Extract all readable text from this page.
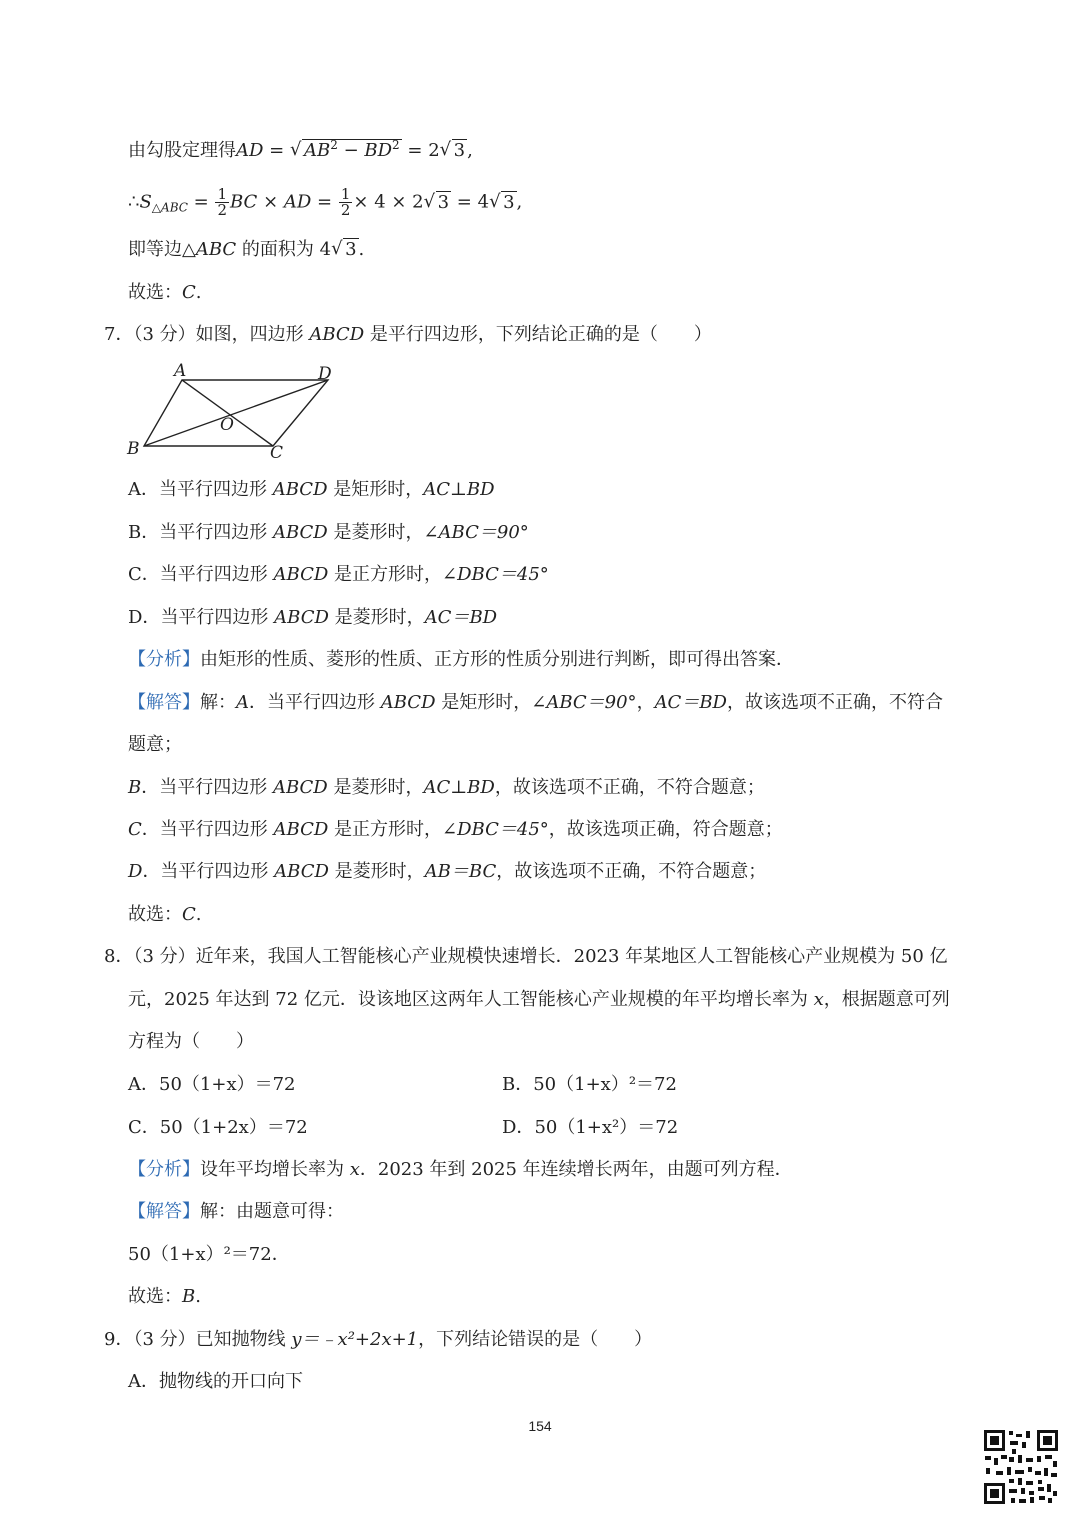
由勾股定理得AD = √ $AB^2 - BD^2 = 2√$ 3 ,
$\therefore S_{\triangle ABC} = \frac{1}{2}$ BC × AD = $\frac{1}{2} \times 4 \times 2√$ 3 = 4√ 3 ,
即等边△ABC 的面积为 4√ 3 .
故选：C.
7．（3 分）如图，四边形 ABCD 是平行四边形，下列结论正确的是（　　）
A	D
B	C
O
A．当平行四边形 ABCD 是矩形时，AC⊥BD
B．当平行四边形 ABCD 是菱形时，∠ABC＝90°
C．当平行四边形 ABCD 是正方形时，∠DBC＝45°
D．当平行四边形 ABCD 是菱形时，AC＝BD
【分析】由矩形的性质、菱形的性质、正方形的性质分别进行判断，即可得出答案．
【解答】解：A．当平行四边形 ABCD 是矩形时，∠ABC＝90°，AC＝BD，故该选项不正确，不符合
题意；
B．当平行四边形 ABCD 是菱形时，AC⊥BD，故该选项不正确，不符合题意；
C．当平行四边形 ABCD 是正方形时，∠DBC＝45°，故该选项正确，符合题意；
D．当平行四边形 ABCD 是菱形时，AB＝BC，故该选项不正确，不符合题意；
故选：C.
8．（3 分）近年来，我国人工智能核心产业规模快速增长．2023 年某地区人工智能核心产业规模为 50 亿
元，2025 年达到 72 亿元．设该地区这两年人工智能核心产业规模的年平均增长率为 x，根据题意可列
方程为（　　）
A．50（1+x）＝72	B．50（1+x）²＝72
C．50（1+2x）＝72	D．50（1+x²）＝72
【分析】设年平均增长率为 x．2023 年到 2025 年连续增长两年，由题可列方程．
【解答】解：由题意可得：
50（1+x）²＝72．
故选：B.
9．（3 分）已知抛物线 y＝﹣x²+2x+1，下列结论错误的是（　　）
A．抛物线的开口向下
154
